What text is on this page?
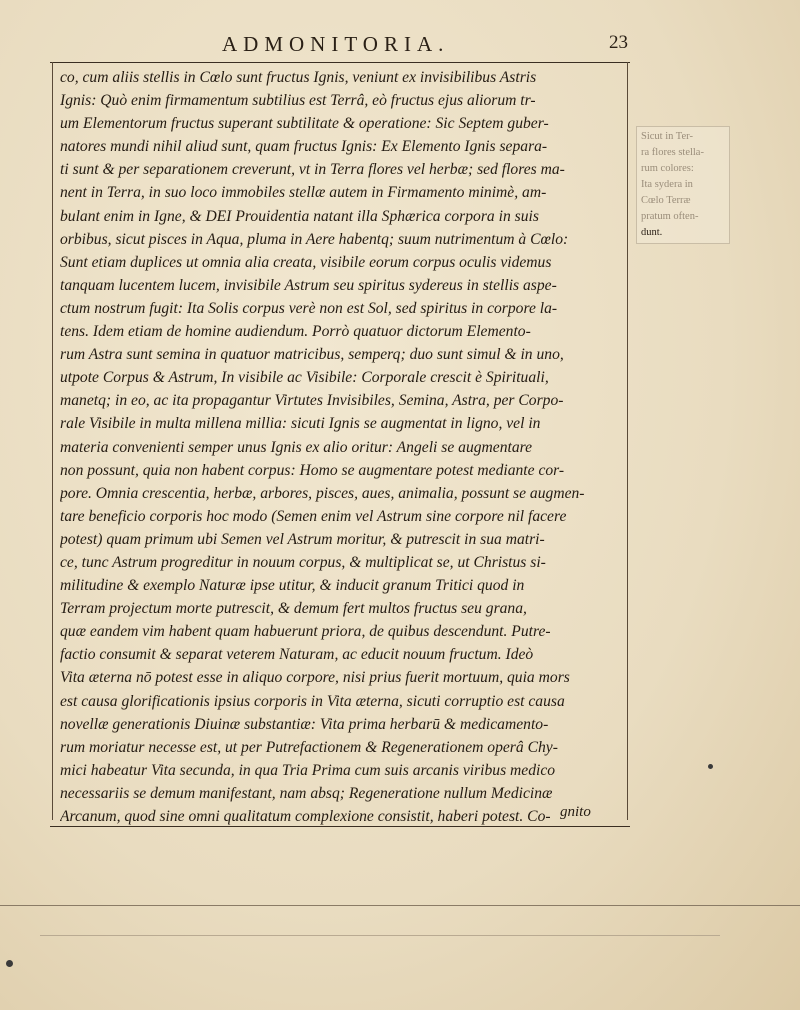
ADMONITORIA.	23
co, cum aliis stellis in Cœlo sunt fructus Ignis, veniunt ex invisibilibus Astris
Ignis: Quò enim firmamentum subtilius est Terrâ, eò fructus ejus aliorum tr-
um Elementorum fructus superant subtilitate & operatione: Sic Septem guber-
natores mundi nihil aliud sunt, quam fructus Ignis: Ex Elemento Ignis separa-
ti sunt & per separationem creverunt, vt in Terra flores vel herbæ; sed flores ma-
nent in Terra, in suo loco immobiles stellæ autem in Firmamento minimè, am-
bulant enim in Igne, & DEI Prouidentia natant illa Sphærica corpora in suis
orbibus, sicut pisces in Aqua, pluma in Aere habentq; suum nutrimentum à Cœlo:
Sunt etiam duplices ut omnia alia creata, visibile eorum corpus oculis videmus
tanquam lucentem lucem, invisibile Astrum seu spiritus sydereus in stellis aspe-
ctum nostrum fugit: Ita Solis corpus verè non est Sol, sed spiritus in corpore la-
tens. Idem etiam de homine audiendum. Porrò quatuor dictorum Elemento-
rum Astra sunt semina in quatuor matricibus, semperq; duo sunt simul & in uno,
utpote Corpus & Astrum, In visibile ac Visibile: Corporale crescit è Spirituali,
manetq; in eo, ac ita propagantur Virtutes Invisibiles, Semina, Astra, per Corpo-
rale Visibile in multa millena millia: sicuti Ignis se augmentat in ligno, vel in
materia convenienti semper unus Ignis ex alio oritur: Angeli se augmentare
non possunt, quia non habent corpus: Homo se augmentare potest mediante cor-
pore. Omnia crescentia, herbæ, arbores, pisces, aues, animalia, possunt se augmen-
tare beneficio corporis hoc modo (Semen enim vel Astrum sine corpore nil facere
potest) quam primum ubi Semen vel Astrum moritur, & putrescit in sua matri-
ce, tunc Astrum progreditur in nouum corpus, & multiplicat se, ut Christus si-
militudine & exemplo Naturæ ipse utitur, & inducit granum Tritici quod in
Terram projectum morte putrescit, & demum fert multos fructus seu grana,
quæ eandem vim habent quam habuerunt priora, de quibus descendunt. Putre-
factio consumit & separat veterem Naturam, ac educit nouum fructum. Ideò
Vita æterna nō potest esse in aliquo corpore, nisi prius fuerit mortuum, quia mors
est causa glorificationis ipsius corporis in Vita æterna, sicuti corruptio est causa
novellæ generationis Diuinæ substantiæ: Vita prima herbarū & medicamento-
rum moriatur necesse est, ut per Putrefactionem & Regenerationem operâ Chy-
mici habeatur Vita secunda, in qua Tria Prima cum suis arcanis viribus medico
necessariis se demum manifestant, nam absq; Regeneratione nullum Medicinæ
Arcanum, quod sine omni qualitatum complexione consistit, haberi potest. Co- gnito
Sicut in Ter-
ra flores stella-
rum colores:
Ita sydera in
Cœlo Terræ
pratum often-
dunt.
